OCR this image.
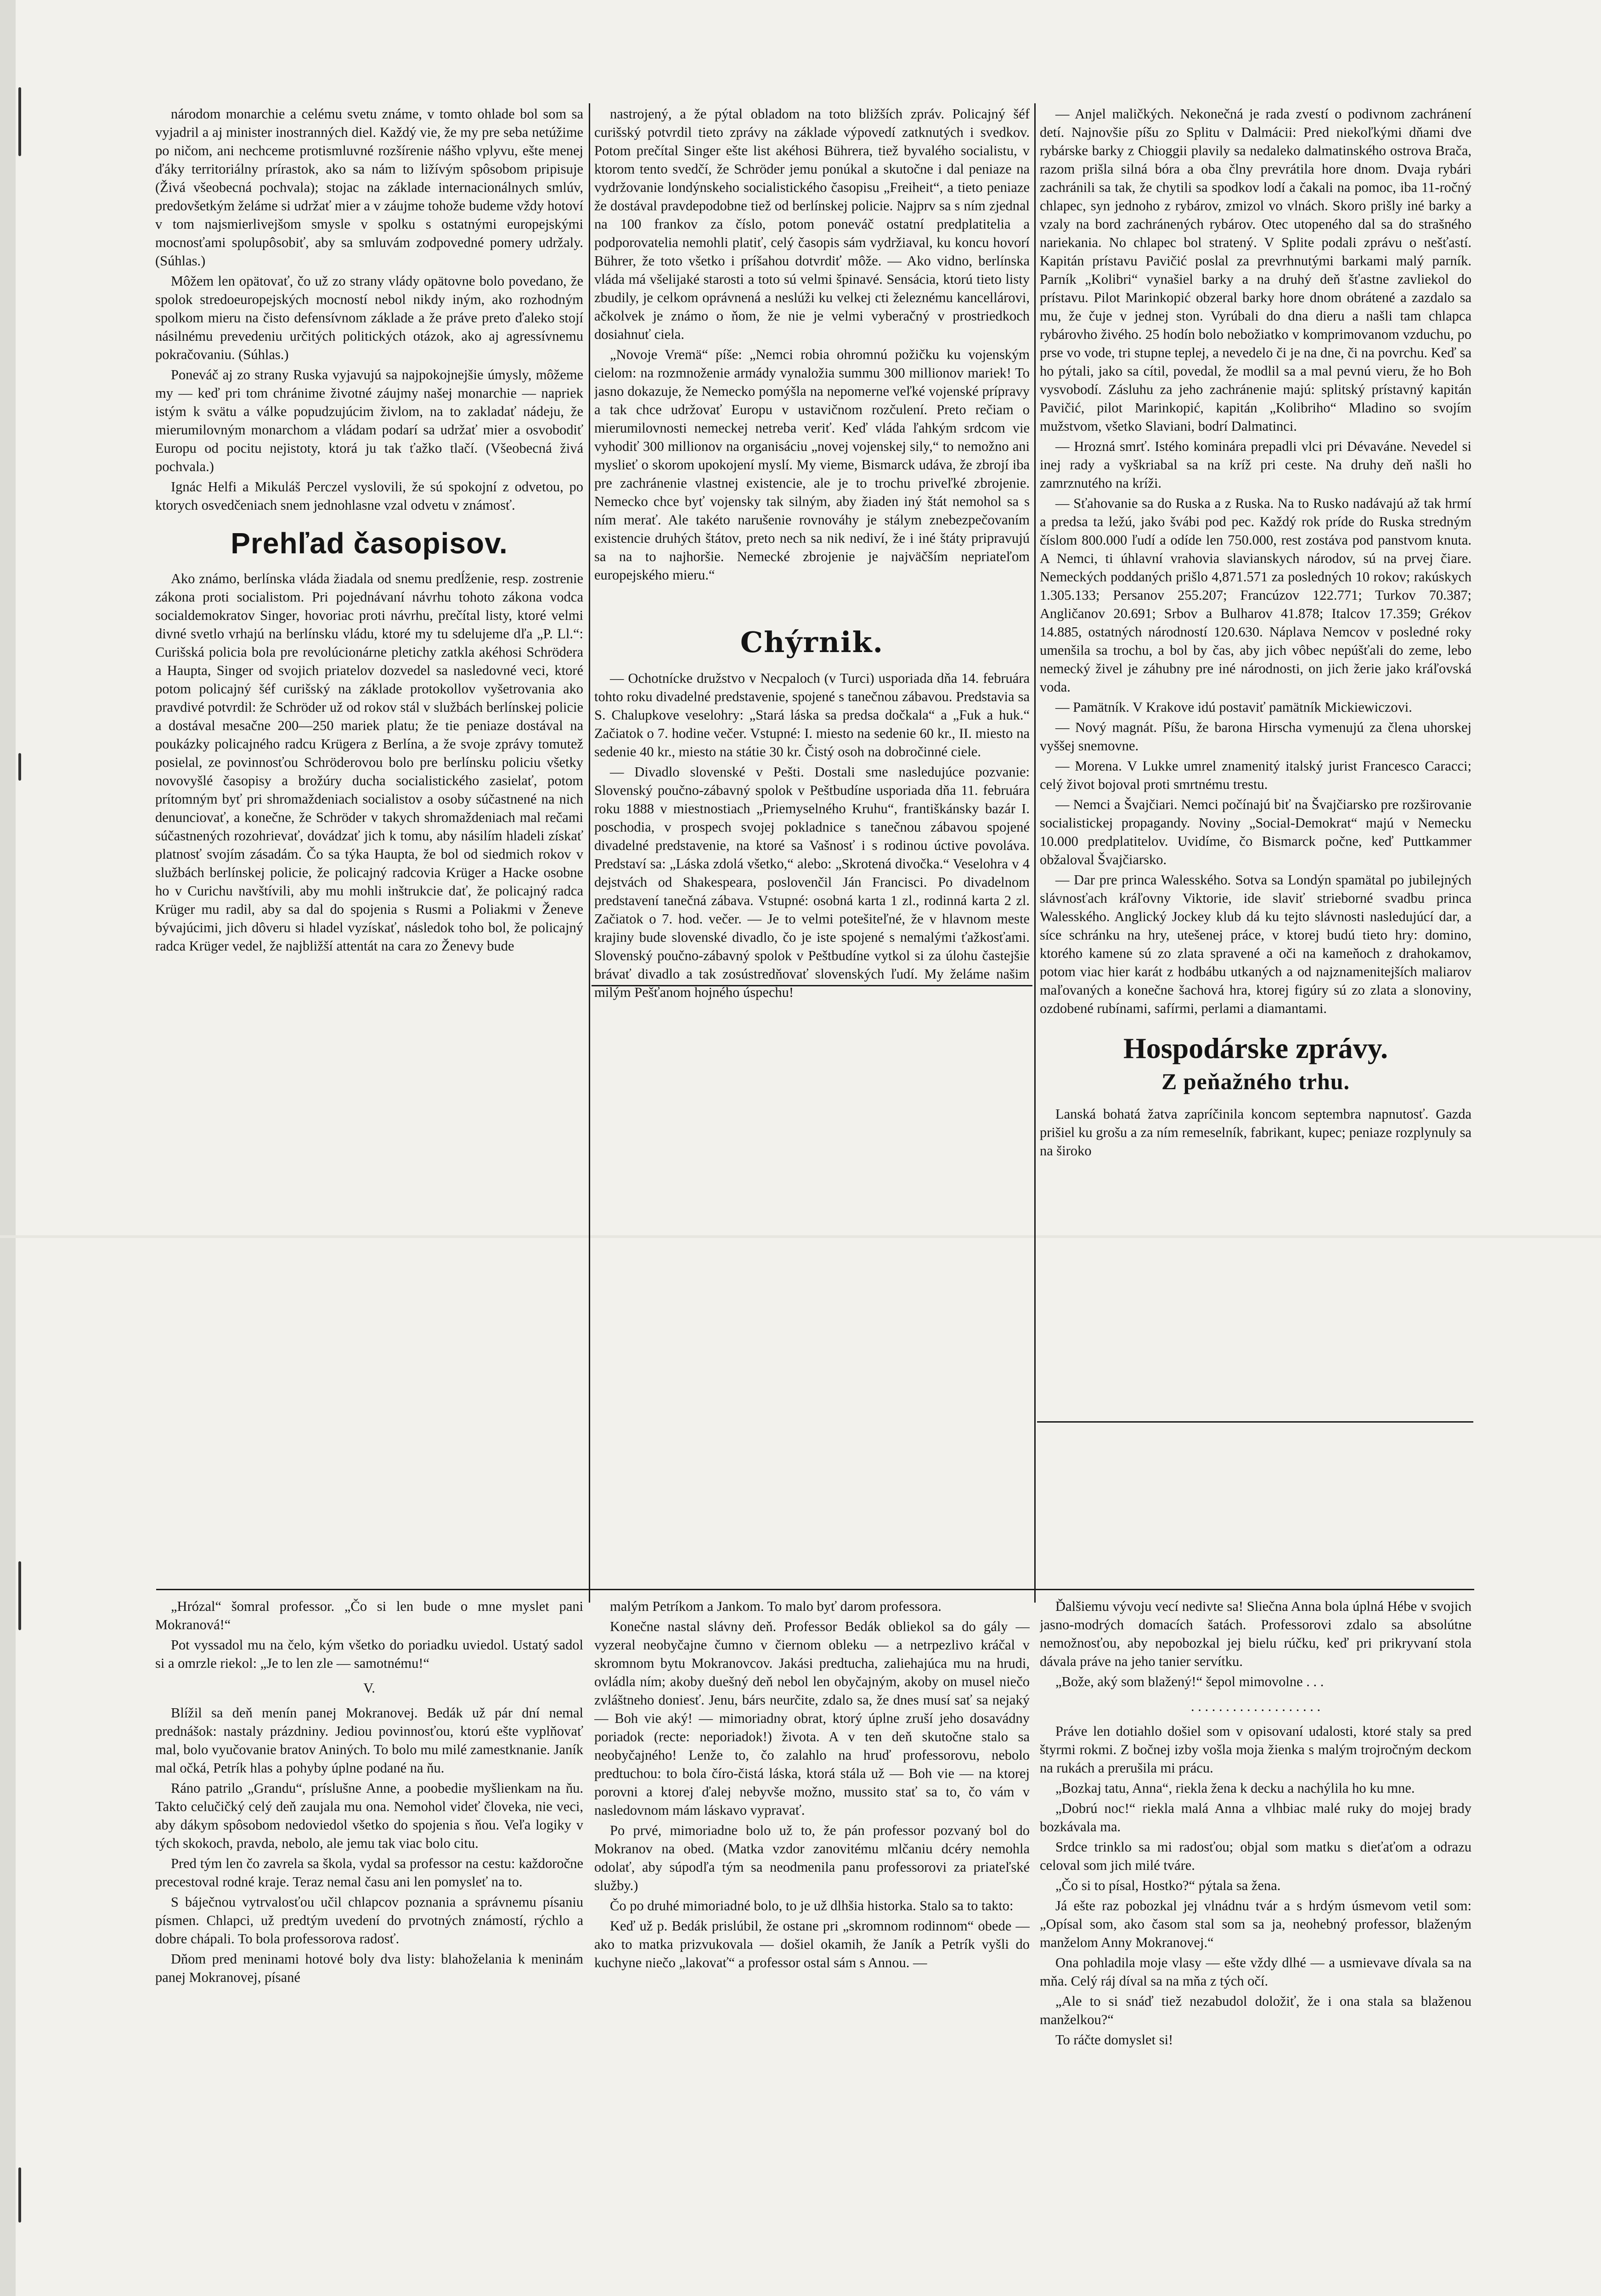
národom monarchie a celému svetu známe, v tomto ohlade bol som sa vyjadril a aj minister inostranných diel. Každý vie, že my pre seba netúžime po ničom, ani nechceme protismluvné rozšírenie nášho vplyvu, ešte menej ďáky territoriálny prírastok, ako sa nám to ližívým spôsobom pripisuje (Živá všeobecná pochvala); stojac na základe internacionálnych smlúv, predovšetkým želáme si udržať mier a v záujme tohože budeme vždy hotoví v tom najsmierlivejšom smysle v spolku s ostatnými europejskými mocnosťami spolupôsobiť, aby sa smluvám zodpovedné pomery udržaly. (Súhlas.)

Môžem len opätovať, čo už zo strany vlády opätovne bolo povedano, že spolok stredoeuropejských mocností nebol nikdy iným, ako rozhodným spolkom mieru na čisto defensívnom základe a že práve preto ďaleko stojí násilnému prevedeniu určitých politických otázok, ako aj agressívnemu pokračovaniu. (Súhlas.)

Poneváč aj zo strany Ruska vyjavujú sa najpokojnejšie úmysly, môžeme my — keď pri tom chránime životné záujmy našej monarchie — napriek istým k svätu a válke popudzujúcim živlom, na to zakladať nádeju, že mierumilovným monarchom a vládam podarí sa udržať mier a osvobodiť Europu od pocitu nejistoty, ktorá ju tak ťažko tlačí. (Všeobecná živá pochvala.)

Ignác Helfi a Mikuláš Perczel vyslovili, že sú spokojní z odvetou, po ktorych osvedčeniach snem jednohlasne vzal odvetu v známosť.

Prehľad časopisov.

Ako známo, berlínska vláda žiadala od snemu predĺženie, resp. zostrenie zákona proti socialistom. Pri pojednávaní návrhu tohoto zákona vodca socialdemokratov Singer, hovoriac proti návrhu, prečítal listy, ktoré velmi divné svetlo vrhajú na berlínsku vládu, ktoré my tu sdelujeme dľa „P. Ll.“: Curišská policia bola pre revolúcionárne pletichy zatkla akéhosi Schrödera a Haupta, Singer od svojich priatelov dozvedel sa nasledovné veci, ktoré potom policajný šéf curišský na základe protokollov vyšetrovania ako pravdivé potvrdil: že Schröder už od rokov stál v službách berlínskej policie a dostával mesačne 200—250 mariek platu; že tie peniaze dostával na poukázky policajného radcu Krügera z Berlína, a že svoje zprávy tomutež posielal, ze povinnosťou Schröderovou bolo pre berlínsku policiu všetky novovyšlé časopisy a brožúry ducha socialistického zasielať, potom prítomným byť pri shromaždeniach socialistov a osoby súčastnené na nich denunciovať, a konečne, že Schröder v takych shromaždeniach mal rečami súčastnených rozohrievať, dovádzať jich k tomu, aby násilím hladeli získať platnosť svojím zásadám. Čo sa týka Haupta, že bol od siedmich rokov v službách berlínskej policie, že policajný radcovia Krüger a Hacke osobne ho v Curichu navštívili, aby mu mohli inštrukcie dať, že policajný radca Krüger mu radil, aby sa dal do spojenia s Rusmi a Poliakmi v Ženeve bývajúcimi, jich dôveru si hladel vyzískať, následok toho bol, že policajný radca Krüger vedel, že najbližší attentát na cara zo Ženevy bude

nastrojený, a že pýtal obladom na toto bližších zpráv. Policajný šéf curišský potvrdil tieto zprávy na základe výpovedí zatknutých i svedkov. Potom prečítal Singer ešte list akéhosi Bührera, tiež byvalého socialistu, v ktorom tento svedčí, že Schröder jemu ponúkal a skutočne i dal peniaze na vydržovanie londýnskeho socialistického časopisu „Freiheit“, a tieto peniaze že dostával pravdepodobne tiež od berlínskej policie. Najprv sa s ním zjednal na 100 frankov za číslo, potom poneváč ostatní predplatitelia a podporovatelia nemohli platiť, celý časopis sám vydržiaval, ku koncu hovorí Bührer, že toto všetko i príšahou dotvrdiť môže. — Ako vidno, berlínska vláda má všelijaké starosti a toto sú velmi špinavé. Sensácia, ktorú tieto listy zbudily, je celkom oprávnená a neslúži ku velkej cti železnému kancellárovi, ačkolvek je známo o ňom, že nie je velmi vyberačný v prostriedkoch dosiahnuť ciela.

„Novoje Vremä“ píše: „Nemci robia ohromnú požičku ku vojenským cielom: na rozmnoženie armády vynaložia summu 300 millionov mariek! To jasno dokazuje, že Nemecko pomýšla na nepomerne veľké vojenské prípravy a tak chce udržovať Europu v ustavičnom rozčulení. Preto rečiam o mierumilovnosti nemeckej netreba veriť. Keď vláda ľahkým srdcom vie vyhodiť 300 millionov na organisáciu „novej vojenskej sily,“ to nemožno ani myslieť o skorom upokojení myslí. My vieme, Bismarck udáva, že zbrojí iba pre zachránenie vlastnej existencie, ale je to trochu priveľké zbrojenie. Nemecko chce byť vojensky tak silným, aby žiaden iný štát nemohol sa s ním merať. Ale takéto narušenie rovnováhy je stálym znebezpečovaním existencie druhých štátov, preto nech sa nik nediví, že i iné štáty pripravujú sa na to najhoršie. Nemecké zbrojenie je najväčším nepriateľom europejského mieru.“

Chýrnik.

— Ochotnícke družstvo v Necpaloch (v Turci) usporiada dňa 14. februára tohto roku divadelné predstavenie, spojené s tanečnou zábavou. Predstavia sa S. Chalupkove veselohry: „Stará láska sa predsa dočkala“ a „Fuk a huk.“ Začiatok o 7. hodine večer. Vstupné: I. miesto na sedenie 60 kr., II. miesto na sedenie 40 kr., miesto na státie 30 kr. Čistý osoh na dobročinné ciele.

— Divadlo slovenské v Pešti. Dostali sme nasledujúce pozvanie: Slovenský poučno-zábavný spolok v Peštbudíne usporiada dňa 11. februára roku 1888 v miestnostiach „Priemyselného Kruhu“, františkánsky bazár I. poschodia, v prospech svojej pokladnice s tanečnou zábavou spojené divadelné predstavenie, na ktoré sa Vašnosť i s rodinou úctive povoláva. Predstaví sa: „Láska zdolá všetko,“ alebo: „Skrotená divočka.“ Veselohra v 4 dejstvách od Shakespeara, poslovenčil Ján Francisci. Po divadelnom predstavení tanečná zábava. Vstupné: osobná karta 1 zl., rodinná karta 2 zl. Začiatok o 7. hod. večer. — Je to velmi potešiteľné, že v hlavnom meste krajiny bude slovenské divadlo, čo je iste spojené s nemalými ťažkosťami. Slovenský poučno-zábavný spolok v Peštbudíne vytkol si za úlohu častejšie brávať divadlo a tak zosústredňovať slovenských ľudí. My želáme našim milým Pešťanom hojného úspechu!

— Anjel maličkých. Nekonečná je rada zvestí o podivnom zachránení detí. Najnovšie píšu zo Splitu v Dalmácii: Pred niekoľkými dňami dve rybárske barky z Chioggii plavily sa nedaleko dalmatinského ostrova Brača, razom prišla silná bóra a oba člny prevrátila hore dnom. Dvaja rybári zachránili sa tak, že chytili sa spodkov lodí a čakali na pomoc, iba 11-ročný chlapec, syn jednoho z rybárov, zmizol vo vlnách. Skoro prišly iné barky a vzaly na bord zachránených rybárov. Otec utopeného dal sa do strašného nariekania. No chlapec bol stratený. V Splite podali zprávu o nešťastí. Kapitán prístavu Pavičić poslal za prevrhnutými barkami malý parník. Parník „Kolibri“ vynašiel barky a na druhý deň šťastne zavliekol do prístavu. Pilot Marinkopić obzeral barky hore dnom obrátené a zazdalo sa mu, že čuje v jednej ston. Vyrúbali do dna dieru a našli tam chlapca rybárovho živého. 25 hodín bolo nebožiatko v komprimovanom vzduchu, po prse vo vode, tri stupne teplej, a nevedelo či je na dne, či na povrchu. Keď sa ho pýtali, jako sa cítil, povedal, že modlil sa a mal pevnú vieru, že ho Boh vysvobodí. Zásluhu za jeho zachránenie majú: splitský prístavný kapitán Pavičić, pilot Marinkopić, kapitán „Kolibriho“ Mladino so svojím mužstvom, všetko Slaviani, bodrí Dalmatinci.

— Hrozná smrť. Istého kominára prepadli vlci pri Dévaváne. Nevedel si inej rady a vyškriabal sa na kríž pri ceste. Na druhy deň našli ho zamrznutého na kríži.

— Sťahovanie sa do Ruska a z Ruska. Na to Rusko nadávajú až tak hrmí a predsa ta ležú, jako švábi pod pec. Každý rok príde do Ruska stredným číslom 800.000 ľudí a odíde len 750.000, rest zostáva pod panstvom knuta. A Nemci, ti úhlavní vrahovia slavianskych národov, sú na prvej čiare. Nemeckých poddaných prišlo 4,871.571 za posledných 10 rokov; rakúskych 1.305.133; Persanov 255.207; Francúzov 122.771; Turkov 70.387; Angličanov 20.691; Srbov a Bulharov 41.878; Italcov 17.359; Grékov 14.885, ostatných národností 120.630. Náplava Nemcov v posledné roky umenšila sa trochu, a bol by čas, aby jich vôbec nepúšťali do zeme, lebo nemecký živel je záhubny pre iné národnosti, on jich žerie jako kráľovská voda.

— Pamätník. V Krakove idú postaviť pamätník Mickiewiczovi.

— Nový magnát. Píšu, že barona Hirscha vymenujú za člena uhorskej vyššej snemovne.

— Morena. V Lukke umrel znamenitý italský jurist Francesco Caracci; celý život bojoval proti smrtnému trestu.

— Nemci a Švajčiari. Nemci počínajú biť na Švajčiarsko pre rozširovanie socialistickej propagandy. Noviny „Social-Demokrat“ majú v Nemecku 10.000 predplatitelov. Uvidíme, čo Bismarck počne, keď Puttkammer obžaloval Švajčiarsko.

— Dar pre princa Walesského. Sotva sa Londýn spamätal po jubilejných slávnosťach kráľovny Viktorie, ide slaviť strieborné svadbu princa Walesského. Anglický Jockey klub dá ku tejto slávnosti nasledujúcí dar, a síce schránku na hry, utešenej práce, v ktorej budú tieto hry: domino, ktorého kamene sú zo zlata spravené a oči na kameňoch z drahokamov, potom viac hier karát z hodbábu utkaných a od najznamenitejších maliarov maľovaných a konečne šachová hra, ktorej figúry sú zo zlata a slonoviny, ozdobené rubínami, safírmi, perlami a diamantami.

Hospodárske zprávy.
Z peňažného trhu.

Lanská bohatá žatva zapríčinila koncom septembra napnutosť. Gazda prišiel ku grošu a za ním remeselník, fabrikant, kupec; peniaze rozplynuly sa na široko

„Hrózal“ šomral professor. „Čo si len bude o mne myslet pani Mokranová!“

Pot vyssadol mu na čelo, kým všetko do poriadku uviedol. Ustatý sadol si a omrzle riekol: „Je to len zle — samotnému!“

V.

Blížil sa deň menín panej Mokranovej. Bedák už pár dní nemal prednášok: nastaly prázdniny. Jediou povinnosťou, ktorú ešte vyplňovať mal, bolo vyučovanie bratov Aniných. To bolo mu milé zamestknanie. Janík mal očká, Petrík hlas a pohyby úplne podané na ňu.

Ráno patrilo „Grandu“, príslušne Anne, a poobedie myšlienkam na ňu. Takto celučičký celý deň zaujala mu ona. Nemohol videť človeka, nie veci, aby dákym spôsobom nedoviedol všetko do spojenia s ňou. Veľa logiky v tých skokoch, pravda, nebolo, ale jemu tak viac bolo citu.

Pred tým len čo zavrela sa škola, vydal sa professor na cestu: každoročne precestoval rodné kraje. Teraz nemal času ani len pomysleť na to.

S báječnou vytrvalosťou učil chlapcov poznania a správnemu písaniu písmen. Chlapci, už predtým uvedení do prvotných známostí, rýchlo a dobre chápali. To bola professorova radosť.

Dňom pred meninami hotové boly dva listy: blahoželania k meninám panej Mokranovej, písané

malým Petríkom a Jankom. To malo byť darom professora.

Konečne nastal slávny deň. Professor Bedák obliekol sa do gály — vyzeral neobyčajne čumno v čiernom obleku — a netrpezlivo kráčal v skromnom bytu Mokranovcov. Jakási predtucha, zaliehajúca mu na hrudi, ovládla ním; akoby duešný deň nebol len obyčajným, akoby on musel niečo zvláštneho doniesť. Jenu, bárs neurčite, zdalo sa, že dnes musí sať sa nejaký — Boh vie aký! — mimoriadny obrat, ktorý úplne zruší jeho dosavádny poriadok (recte: neporiadok!) života. A v ten deň skutočne stalo sa neobyčajného! Lenže to, čo zalahlo na hruď professorovu, nebolo predtuchou: to bola číro-čistá láska, ktorá stála už — Boh vie — na ktorej porovni a ktorej ďalej nebyvše možno, mussito stať sa to, čo vám v nasledovnom mám láskavo vypravať.

Po prvé, mimoriadne bolo už to, že pán professor pozvaný bol do Mokranov na obed. (Matka vzdor zanovitému mlčaniu dcéry nemohla odolať, aby súpodľa tým sa neodmenila panu professorovi za priateľské služby.)

Čo po druhé mimoriadné bolo, to je už dlhšia historka. Stalo sa to takto:

Keď už p. Bedák prislúbil, že ostane pri „skromnom rodinnom“ obede — ako to matka prizvukovala — došiel okamih, že Janík a Petrík vyšli do kuchyne niečo „lakovať“ a professor ostal sám s Annou. —

Ďalšiemu vývoju vecí nedivte sa! Sliečna Anna bola úplná Hébe v svojich jasno-modrých domacích šatách. Professorovi zdalo sa absolútne nemožnosťou, aby nepobozkal jej bielu rúčku, keď pri prikryvaní stola dávala práve na jeho tanier servítku.

„Bože, aký som blažený!“ šepol mimovolne . . .

. . . . . . . . . . . . . . . . . . .

Práve len dotiahlo došiel som v opisovaní udalosti, ktoré staly sa pred štyrmi rokmi. Z bočnej izby vošla moja žienka s malým trojročným deckom na rukách a prerušila mi prácu.

„Bozkaj tatu, Anna“, riekla žena k decku a nachýlila ho ku mne.

„Dobrú noc!“ riekla malá Anna a vlhbiac malé ruky do mojej brady bozkávala ma.

Srdce trinklo sa mi radosťou; objal som matku s dieťaťom a odrazu celoval som jich milé tváre.

„Čo si to písal, Hostko?“ pýtala sa žena.

Já ešte raz pobozkal jej vlnádnu tvár a s hrdým úsmevom vetil som: „Opísal som, ako časom stal som sa ja, neohebný professor, blaženým manželom Anny Mokranovej.“

Ona pohladila moje vlasy — ešte vždy dlhé — a usmievave dívala sa na mňa. Celý ráj díval sa na mňa z tých očí.

„Ale to si snáď tiež nezabudol doložiť, že i ona stala sa blaženou manželkou?“

To ráčte domyslet si!
